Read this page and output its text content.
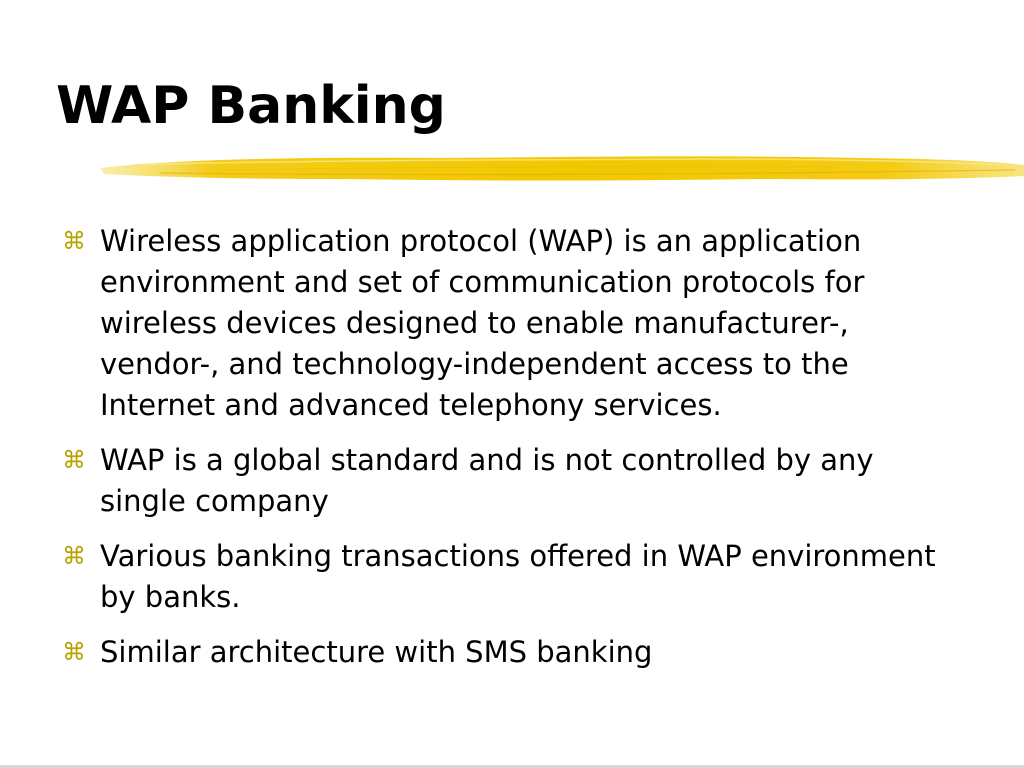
WAP Banking
⌘ Wireless application protocol (WAP) is an application environment and set of communication protocols for wireless devices designed to enable manufacturer-, vendor-, and technology-independent access to the Internet and advanced telephony services.
⌘ WAP is a global standard and is not controlled by any single company
⌘ Various banking transactions offered in WAP environment by banks.
⌘ Similar architecture with SMS banking
